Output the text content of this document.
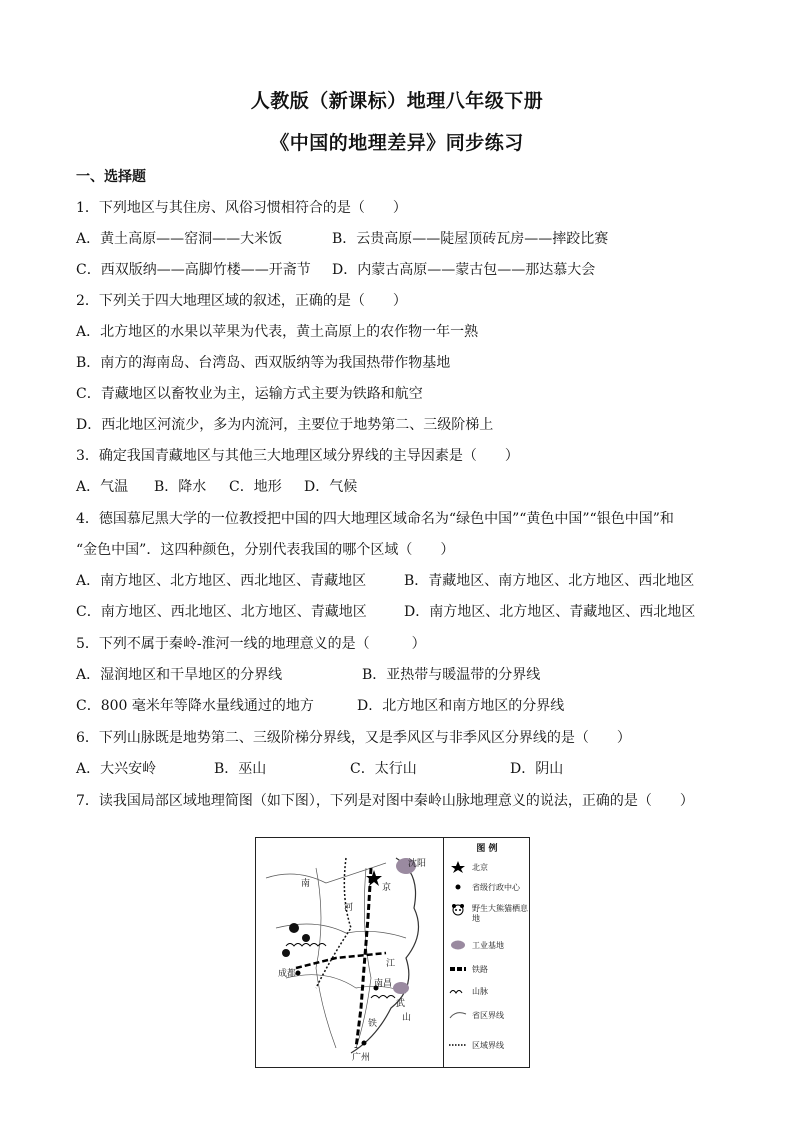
人教版（新课标）地理八年级下册
《中国的地理差异》同步练习
一、选择题
1．下列地区与其住房、风俗习惯相符合的是（　　）
A．黄土高原——窑洞——大米饭	B．云贵高原——陡屋顶砖瓦房——摔跤比赛
C．西双版纳——高脚竹楼——开斋节 D．内蒙古高原——蒙古包——那达慕大会
2．下列关于四大地理区域的叙述，正确的是（　　）
A．北方地区的水果以苹果为代表，黄土高原上的农作物一年一熟
B．南方的海南岛、台湾岛、西双版纳等为我国热带作物基地
C．青藏地区以畜牧业为主，运输方式主要为铁路和航空
D．西北地区河流少，多为内流河，主要位于地势第二、三级阶梯上
3．确定我国青藏地区与其他三大地理区域分界线的主导因素是（　　）
A．气温 B．降水 C．地形 D．气候
4．德国慕尼黑大学的一位教授把中国的四大地理区域命名为“绿色中国”“黄色中国”“银色中国”和
“金色中国”．这四种颜色，分别代表我国的哪个区域（　　）
A．南方地区、北方地区、西北地区、青藏地区	B．青藏地区、南方地区、北方地区、西北地区
C．南方地区、西北地区、北方地区、青藏地区	D．南方地区、北方地区、青藏地区、西北地区
5．下列不属于秦岭-淮河一线的地理意义的是（　　　）
A．湿润地区和干旱地区的分界线	B．亚热带与暖温带的分界线
C．800 毫米年等降水量线通过的地方	D．北方地区和南方地区的分界线
6．下列山脉既是地势第二、三级阶梯分界线，又是季风区与非季风区分界线的是（　　）
A．大兴安岭	B．巫山	C．太行山	D．阴山
7．读我国局部区域地理简图（如下图），下列是对图中秦岭山脉地理意义的说法，正确的是（　　）
沈阳
京
河
南
成都
南昌
武
广州
江
铁
山
图 例
北京
省级行政中心
野生大熊猫栖息地
工业基地
铁路
山脉
省区界线
区域界线
